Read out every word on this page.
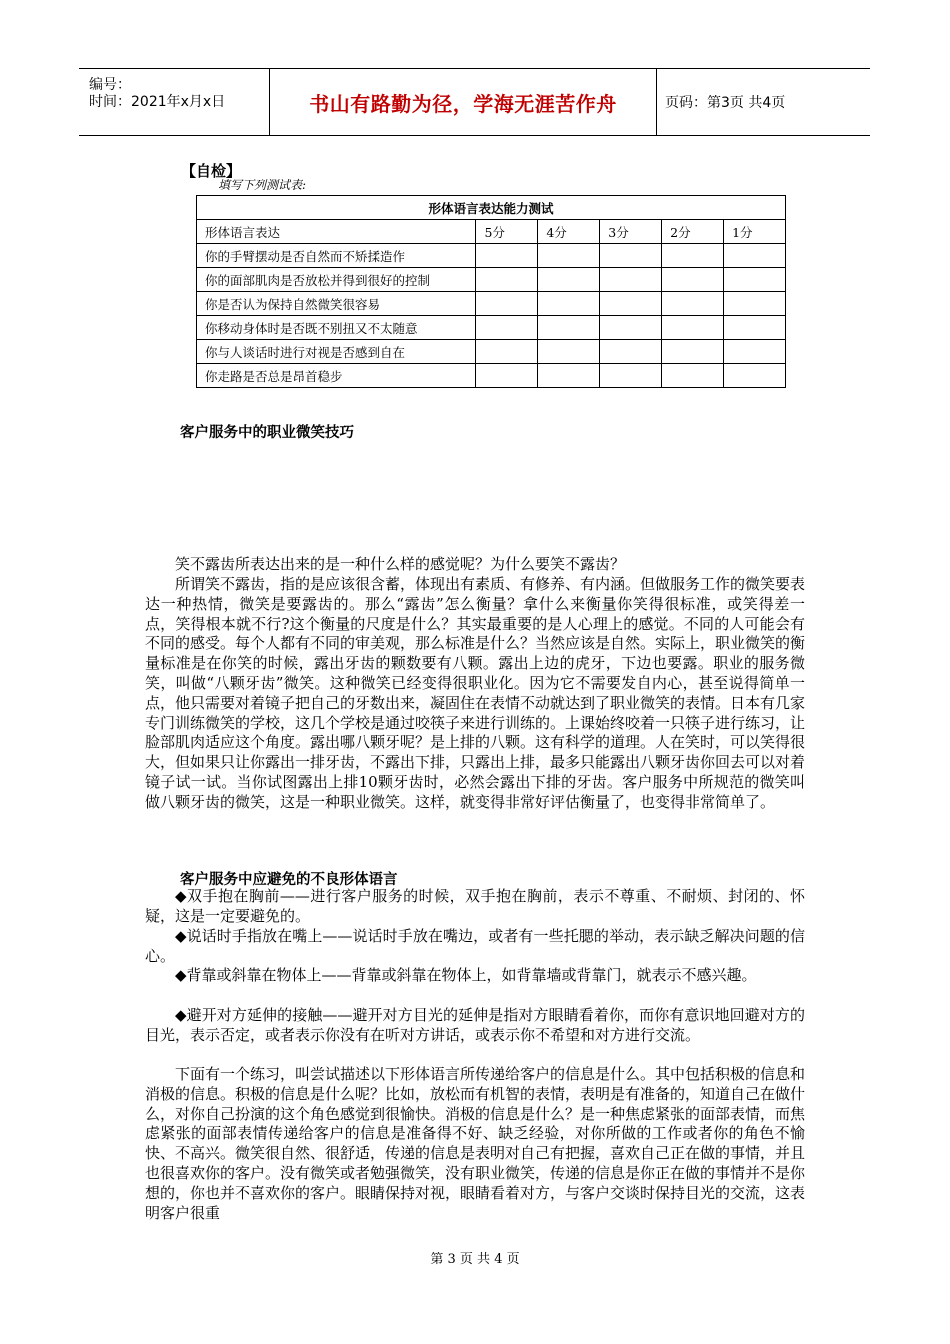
编号：
时间：2021年x月x日	书山有路勤为径，学海无涯苦作舟	页码：第3页 共4页
【自检】
填写下列测试表:
形体语言表达能力测试					
形体语言表达	5分	4分	3分	2分	1分
你的手臂摆动是否自然而不矫揉造作					
你的面部肌肉是否放松并得到很好的控制					
你是否认为保持自然微笑很容易					
你移动身体时是否既不别扭又不太随意					
你与人谈话时进行对视是否感到自在					
你走路是否总是昂首稳步					
客户服务中的职业微笑技巧

笑不露齿所表达出来的是一种什么样的感觉呢？为什么要笑不露齿？

所谓笑不露齿，指的是应该很含蓄，体现出有素质、有修养、有内涵。但做服务工作的微笑要表达一种热情，微笑是要露齿的。那么“露齿”怎么衡量？拿什么来衡量你笑得很标准，或笑得差一点，笑得根本就不行?这个衡量的尺度是什么？其实最重要的是人心理上的感觉。不同的人可能会有不同的感受。每个人都有不同的审美观，那么标准是什么？当然应该是自然。实际上，职业微笑的衡量标准是在你笑的时候，露出牙齿的颗数要有八颗。露出上边的虎牙，下边也要露。职业的服务微笑，叫做“八颗牙齿”微笑。这种微笑已经变得很职业化。因为它不需要发自内心，甚至说得简单一点，他只需要对着镜子把自己的牙数出来，凝固住在表情不动就达到了职业微笑的表情。日本有几家专门训练微笑的学校，这几个学校是通过咬筷子来进行训练的。上课始终咬着一只筷子进行练习，让脸部肌肉适应这个角度。露出哪八颗牙呢？是上排的八颗。这有科学的道理。人在笑时，可以笑得很大，但如果只让你露出一排牙齿，不露出下排，只露出上排，最多只能露出八颗牙齿你回去可以对着镜子试一试。当你试图露出上排10颗牙齿时，必然会露出下排的牙齿。客户服务中所规范的微笑叫做八颗牙齿的微笑，这是一种职业微笑。这样，就变得非常好评估衡量了，也变得非常简单了。

客户服务中应避免的不良形体语言

◆双手抱在胸前——进行客户服务的时候，双手抱在胸前，表示不尊重、不耐烦、封闭的、怀疑，这是一定要避免的。

◆说话时手指放在嘴上——说话时手放在嘴边，或者有一些托腮的举动，表示缺乏解决问题的信心。

◆背靠或斜靠在物体上——背靠或斜靠在物体上，如背靠墙或背靠门，就表示不感兴趣。

◆避开对方延伸的接触——避开对方目光的延伸是指对方眼睛看着你，而你有意识地回避对方的目光，表示否定，或者表示你没有在听对方讲话，或表示你不希望和对方进行交流。

下面有一个练习，叫尝试描述以下形体语言所传递给客户的信息是什么。其中包括积极的信息和消极的信息。积极的信息是什么呢？比如，放松而有机智的表情，表明是有准备的，知道自己在做什么，对你自己扮演的这个角色感觉到很愉快。消极的信息是什么？是一种焦虑紧张的面部表情，而焦虑紧张的面部表情传递给客户的信息是准备得不好、缺乏经验，对你所做的工作或者你的角色不愉快、不高兴。微笑很自然、很舒适，传递的信息是表明对自己有把握，喜欢自己正在做的事情，并且也很喜欢你的客户。没有微笑或者勉强微笑，没有职业微笑，传递的信息是你正在做的事情并不是你想的，你也并不喜欢你的客户。眼睛保持对视，眼睛看着对方，与客户交谈时保持目光的交流，这表明客户很重

第 3 页 共 4 页
